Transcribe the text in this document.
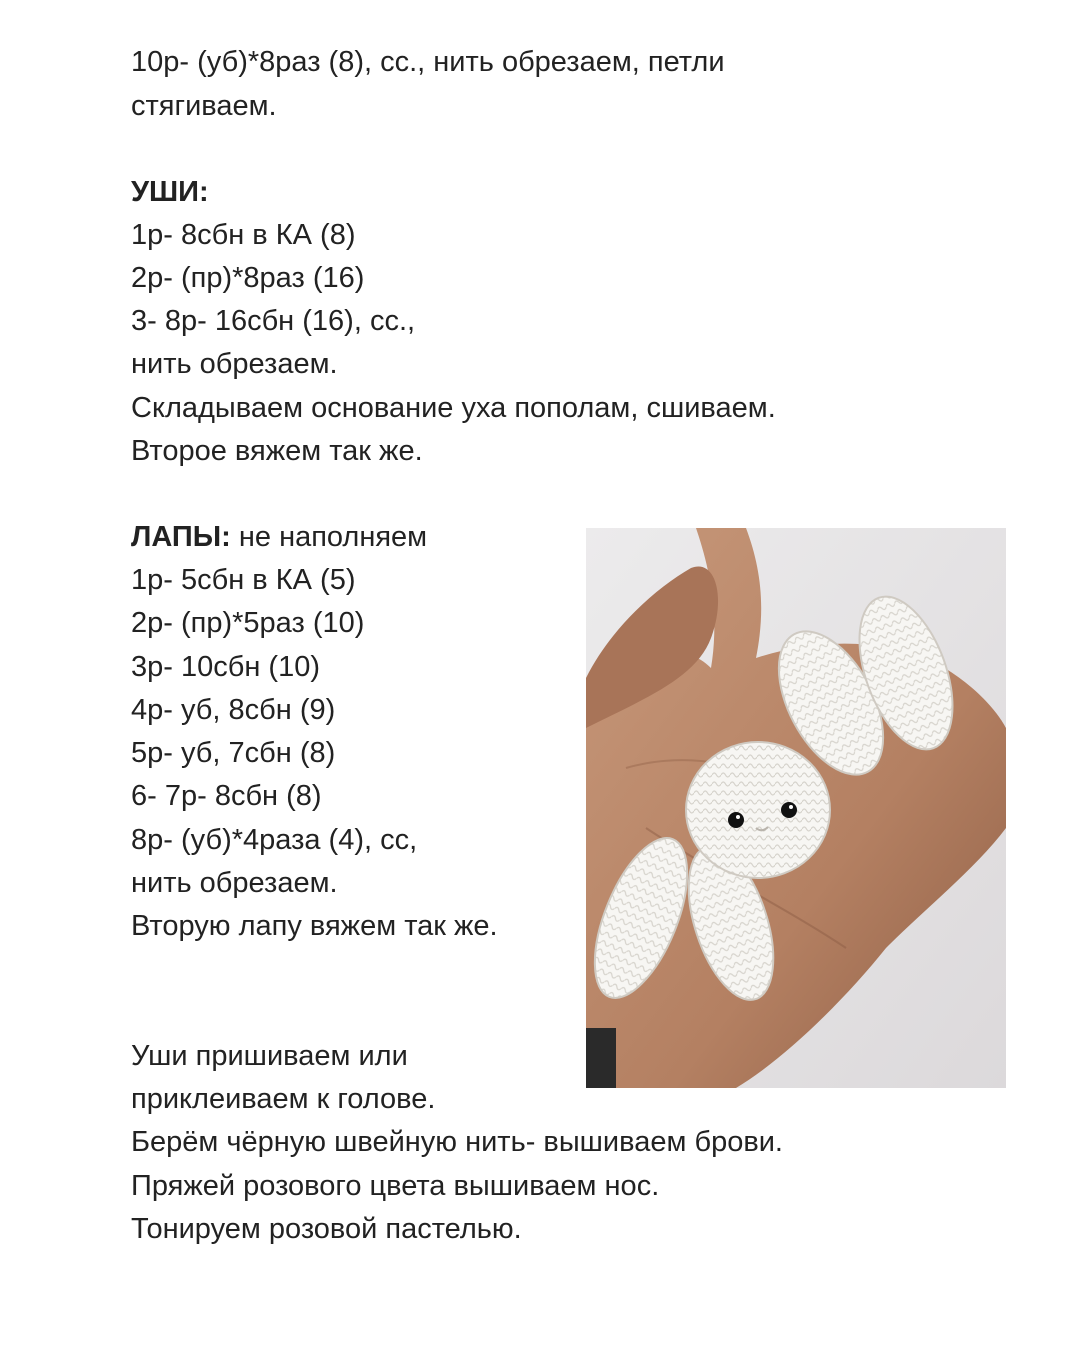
10р- (уб)*8раз (8), сс., нить обрезаем, петли
стягиваем.
УШИ:
1р- 8сбн в КА (8)
2р- (пр)*8раз (16)
3- 8р- 16сбн (16), сс.,
нить обрезаем.
Складываем основание уха пополам, сшиваем.
Второе вяжем так же.
ЛАПЫ: не наполняем
1р- 5сбн в КА (5)
2р- (пр)*5раз (10)
3р- 10сбн (10)
4р- уб, 8сбн (9)
5р- уб, 7сбн (8)
6- 7р- 8сбн (8)
8р- (уб)*4раза (4), сс,
нить обрезаем.
Вторую лапу вяжем так же.
Уши пришиваем или
приклеиваем к голове.
Берём чёрную швейную нить- вышиваем брови.
Пряжей розового цвета вышиваем нос.
Тонируем розовой пастелью.
